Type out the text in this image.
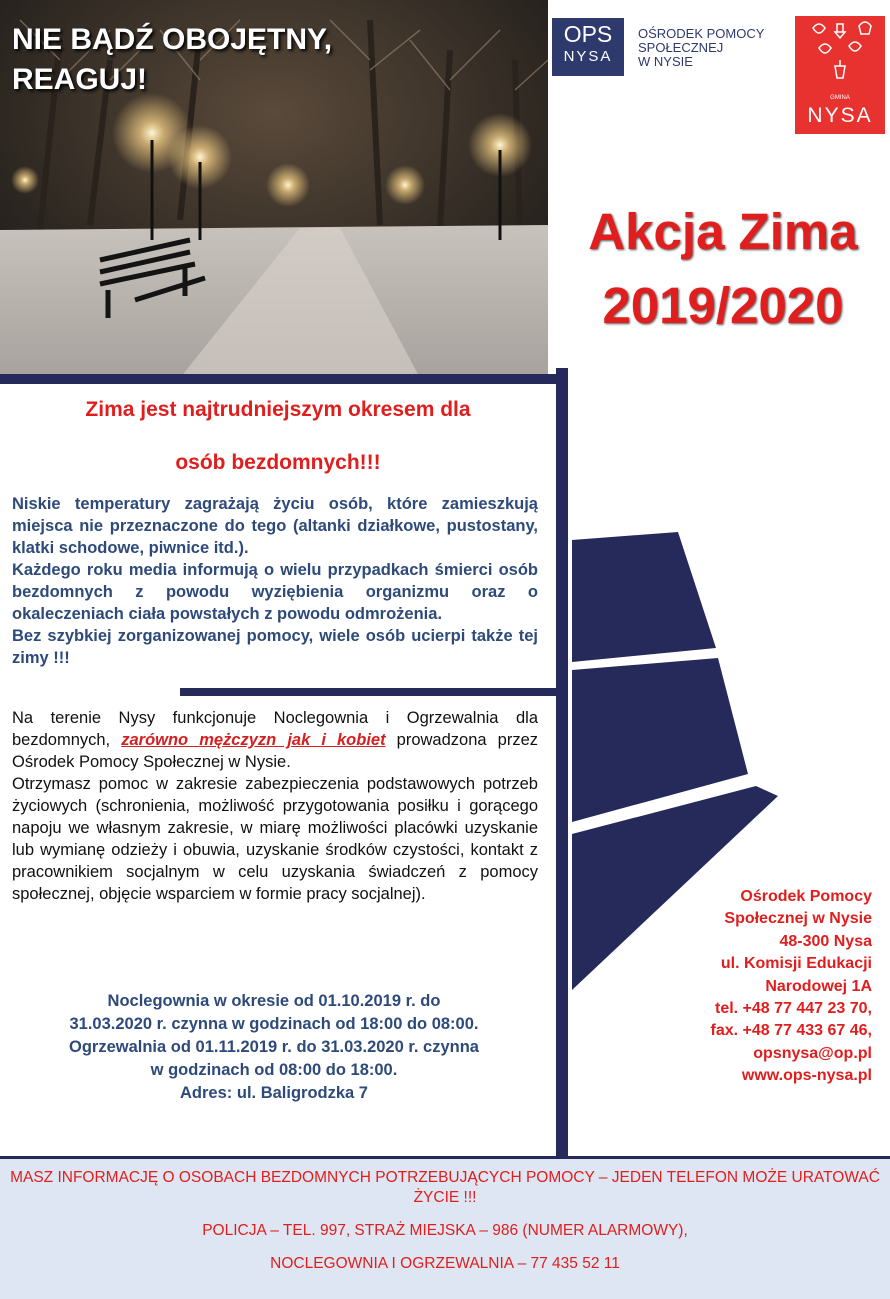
NIE BĄDŹ OBOJĘTNY, REAGUJ!
OPS
NYSA
OŚRODEK POMOCY
SPOŁECZNEJ
W NYSIE
GMINA
NYSA
Akcja Zima
2019/2020
Zima jest najtrudniejszym okresem dla
osób bezdomnych!!!

Niskie temperatury zagrażają życiu osób, które zamieszkują miejsca nie przeznaczone do tego (altanki działkowe, pustostany, klatki schodowe, piwnice itd.).

Każdego roku media informują o wielu przypadkach śmierci osób bezdomnych z powodu wyziębienia organizmu oraz o okaleczeniach ciała powstałych z powodu odmrożenia.

Bez szybkiej zorganizowanej pomocy, wiele osób ucierpi także tej zimy !!!

Na terenie Nysy funkcjonuje Noclegownia i Ogrzewalnia dla bezdomnych, zarówno mężczyzn jak i kobiet prowadzona przez Ośrodek Pomocy Społecznej w Nysie.

Otrzymasz pomoc w zakresie zabezpieczenia podstawowych potrzeb życiowych (schronienia, możliwość przygotowania posiłku i gorącego napoju we własnym zakresie, w miarę możliwości placówki uzyskanie lub wymianę odzieży i obuwia, uzyskanie środków czystości, kontakt z pracownikiem socjalnym w celu uzyskania świadczeń z pomocy społecznej, objęcie wsparciem w formie pracy socjalnej).

Noclegownia w okresie od 01.10.2019 r. do
31.03.2020 r. czynna w godzinach od 18:00 do 08:00.
Ogrzewalnia od 01.11.2019 r. do 31.03.2020 r. czynna
w godzinach od 08:00 do 18:00.
Adres: ul. Baligrodzka 7
Ośrodek Pomocy
Społecznej w Nysie
48-300 Nysa
ul. Komisji Edukacji
Narodowej 1A
tel. +48 77 447 23 70,
fax. +48 77 433 67 46,
opsnysa@op.pl
www.ops-nysa.pl
MASZ INFORMACJĘ O OSOBACH BEZDOMNYCH POTRZEBUJĄCYCH POMOCY – JEDEN TELEFON MOŻE URATOWAĆ ŻYCIE !!!
POLICJA – TEL. 997, STRAŻ MIEJSKA – 986 (NUMER ALARMOWY),
NOCLEGOWNIA I OGRZEWALNIA – 77 435 52 11
